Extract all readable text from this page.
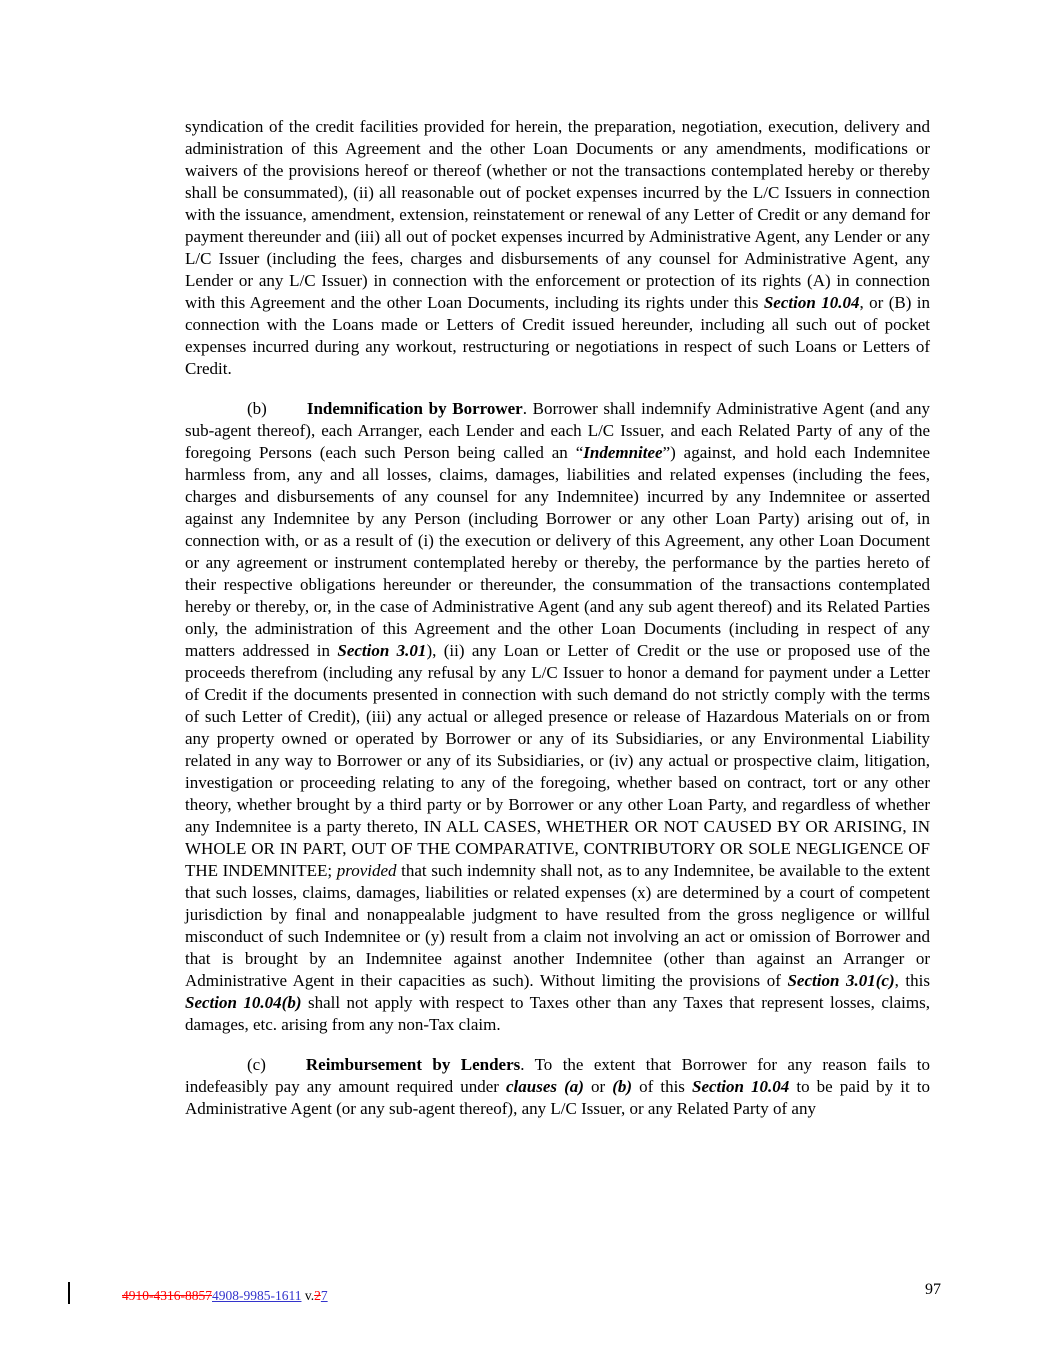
syndication of the credit facilities provided for herein, the preparation, negotiation, execution, delivery and administration of this Agreement and the other Loan Documents or any amendments, modifications or waivers of the provisions hereof or thereof (whether or not the transactions contemplated hereby or thereby shall be consummated), (ii) all reasonable out of pocket expenses incurred by the L/C Issuers in connection with the issuance, amendment, extension, reinstatement or renewal of any Letter of Credit or any demand for payment thereunder and (iii) all out of pocket expenses incurred by Administrative Agent, any Lender or any L/C Issuer (including the fees, charges and disbursements of any counsel for Administrative Agent, any Lender or any L/C Issuer) in connection with the enforcement or protection of its rights (A) in connection with this Agreement and the other Loan Documents, including its rights under this Section 10.04, or (B) in connection with the Loans made or Letters of Credit issued hereunder, including all such out of pocket expenses incurred during any workout, restructuring or negotiations in respect of such Loans or Letters of Credit.

(b) Indemnification by Borrower. Borrower shall indemnify Administrative Agent (and any sub-agent thereof), each Arranger, each Lender and each L/C Issuer, and each Related Party of any of the foregoing Persons (each such Person being called an “Indemnitee”) against, and hold each Indemnitee harmless from, any and all losses, claims, damages, liabilities and related expenses (including the fees, charges and disbursements of any counsel for any Indemnitee) incurred by any Indemnitee or asserted against any Indemnitee by any Person (including Borrower or any other Loan Party) arising out of, in connection with, or as a result of (i) the execution or delivery of this Agreement, any other Loan Document or any agreement or instrument contemplated hereby or thereby, the performance by the parties hereto of their respective obligations hereunder or thereunder, the consummation of the transactions contemplated hereby or thereby, or, in the case of Administrative Agent (and any sub agent thereof) and its Related Parties only, the administration of this Agreement and the other Loan Documents (including in respect of any matters addressed in Section 3.01), (ii) any Loan or Letter of Credit or the use or proposed use of the proceeds therefrom (including any refusal by any L/C Issuer to honor a demand for payment under a Letter of Credit if the documents presented in connection with such demand do not strictly comply with the terms of such Letter of Credit), (iii) any actual or alleged presence or release of Hazardous Materials on or from any property owned or operated by Borrower or any of its Subsidiaries, or any Environmental Liability related in any way to Borrower or any of its Subsidiaries, or (iv) any actual or prospective claim, litigation, investigation or proceeding relating to any of the foregoing, whether based on contract, tort or any other theory, whether brought by a third party or by Borrower or any other Loan Party, and regardless of whether any Indemnitee is a party thereto, IN ALL CASES, WHETHER OR NOT CAUSED BY OR ARISING, IN WHOLE OR IN PART, OUT OF THE COMPARATIVE, CONTRIBUTORY OR SOLE NEGLIGENCE OF THE INDEMNITEE; provided that such indemnity shall not, as to any Indemnitee, be available to the extent that such losses, claims, damages, liabilities or related expenses (x) are determined by a court of competent jurisdiction by final and nonappealable judgment to have resulted from the gross negligence or willful misconduct of such Indemnitee or (y) result from a claim not involving an act or omission of Borrower and that is brought by an Indemnitee against another Indemnitee (other than against an Arranger or Administrative Agent in their capacities as such). Without limiting the provisions of Section 3.01(c), this Section 10.04(b) shall not apply with respect to Taxes other than any Taxes that represent losses, claims, damages, etc. arising from any non-Tax claim.

(c) Reimbursement by Lenders. To the extent that Borrower for any reason fails to indefeasibly pay any amount required under clauses (a) or (b) of this Section 10.04 to be paid by it to Administrative Agent (or any sub-agent thereof), any L/C Issuer, or any Related Party of any

4910-4316-88574908-9985-1611 v.27	97
